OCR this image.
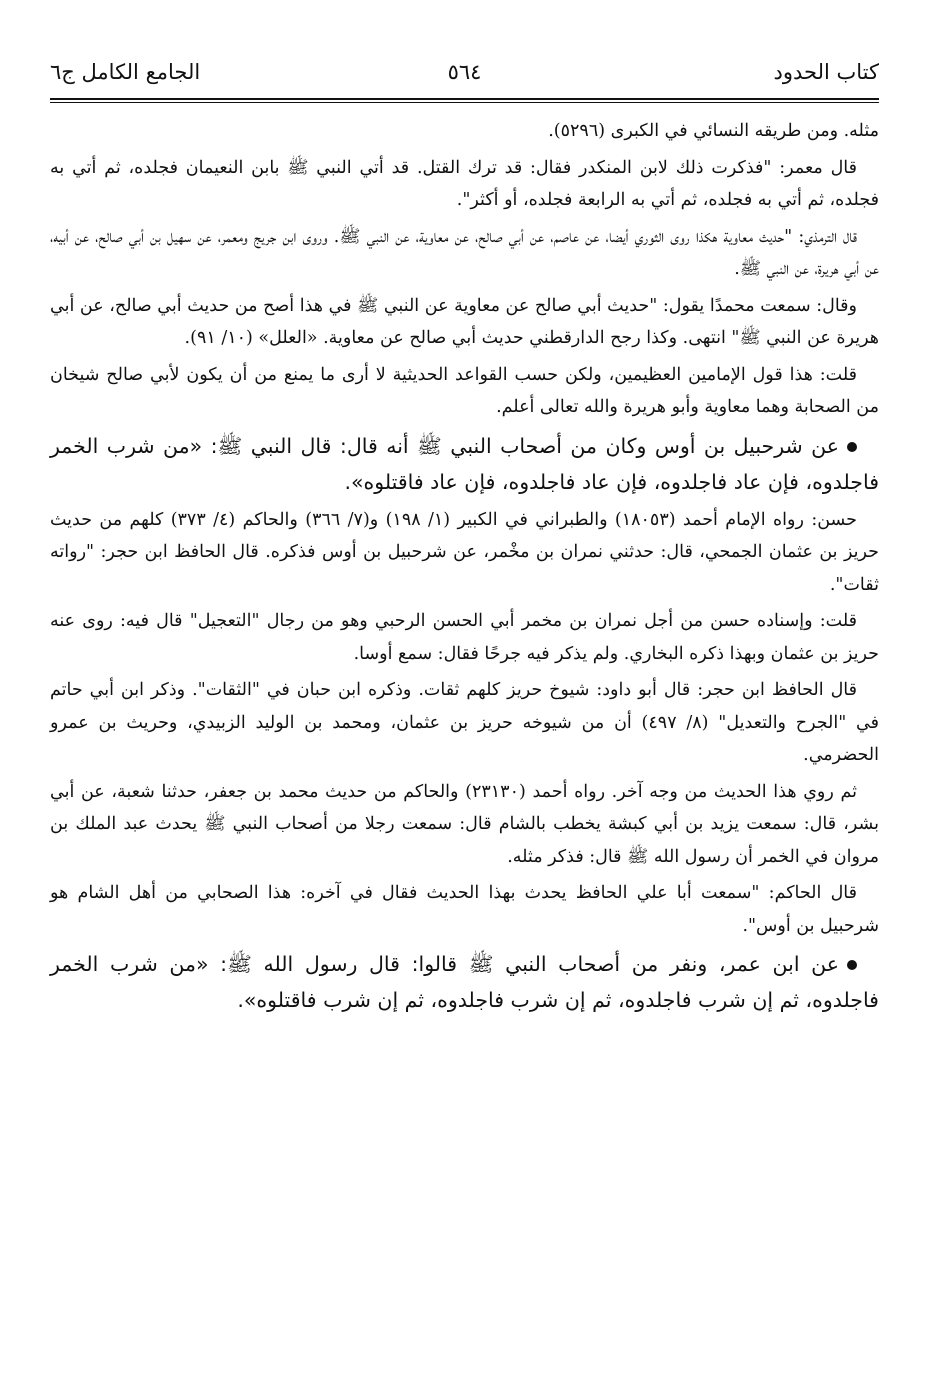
كتاب الحدود
٥٦٤
الجامع الكامل ج٦

مثله. ومن طريقه النسائي في الكبرى (٥٢٩٦).

قال معمر: "فذكرت ذلك لابن المنكدر فقال: قد ترك القتل. قد أتي النبي ﷺ بابن النعيمان فجلده، ثم أتي به فجلده، ثم أتي به فجلده، ثم أتي به الرابعة فجلده، أو أكثر".

قال الترمذي: "حديث معاوية هكذا روى الثوري أيضا، عن عاصم، عن أبي صالح، عن معاوية، عن النبي ﷺ. وروى ابن جريج ومعمر، عن سهيل بن أبي صالح، عن أبيه، عن أبي هريرة، عن النبي ﷺ.

وقال: سمعت محمدًا يقول: "حديث أبي صالح عن معاوية عن النبي ﷺ في هذا أصح من حديث أبي صالح، عن أبي هريرة عن النبي ﷺ" انتهى. وكذا رجح الدارقطني حديث أبي صالح عن معاوية. «العلل» (١٠/ ٩١).

قلت: هذا قول الإمامين العظيمين، ولكن حسب القواعد الحديثية لا أرى ما يمنع من أن يكون لأبي صالح شيخان من الصحابة وهما معاوية وأبو هريرة والله تعالى أعلم.

عن شرحبيل بن أوس وكان من أصحاب النبي ﷺ أنه قال: قال النبي ﷺ: «من شرب الخمر فاجلدوه، فإن عاد فاجلدوه، فإن عاد فاجلدوه، فإن عاد فاقتلوه».

حسن: رواه الإمام أحمد (١٨٠٥٣) والطبراني في الكبير (١/ ١٩٨) و(٧/ ٣٦٦) والحاكم (٤/ ٣٧٣) كلهم من حديث حريز بن عثمان الجمحي، قال: حدثني نمران بن مخْمر، عن شرحبيل بن أوس فذكره. قال الحافظ ابن حجر: "رواته ثقات".

قلت: وإسناده حسن من أجل نمران بن مخمر أبي الحسن الرحبي وهو من رجال "التعجيل" قال فيه: روى عنه حريز بن عثمان وبهذا ذكره البخاري. ولم يذكر فيه جرحًا فقال: سمع أوسا.

قال الحافظ ابن حجر: قال أبو داود: شيوخ حريز كلهم ثقات. وذكره ابن حبان في "الثقات". وذكر ابن أبي حاتم في "الجرح والتعديل" (٨/ ٤٩٧) أن من شيوخه حريز بن عثمان، ومحمد بن الوليد الزبيدي، وحريث بن عمرو الحضرمي.

ثم روي هذا الحديث من وجه آخر. رواه أحمد (٢٣١٣٠) والحاكم من حديث محمد بن جعفر، حدثنا شعبة، عن أبي بشر، قال: سمعت يزيد بن أبي كبشة يخطب بالشام قال: سمعت رجلا من أصحاب النبي ﷺ يحدث عبد الملك بن مروان في الخمر أن رسول الله ﷺ قال: فذكر مثله.

قال الحاكم: "سمعت أبا علي الحافظ يحدث بهذا الحديث فقال في آخره: هذا الصحابي من أهل الشام هو شرحبيل بن أوس".

عن ابن عمر، ونفر من أصحاب النبي ﷺ قالوا: قال رسول الله ﷺ: «من شرب الخمر فاجلدوه، ثم إن شرب فاجلدوه، ثم إن شرب فاجلدوه، ثم إن شرب فاقتلوه».
